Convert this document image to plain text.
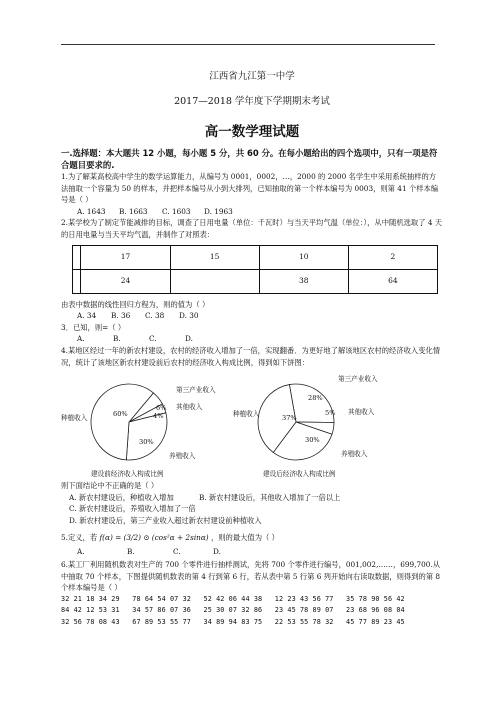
江西省九江第一中学

2017—2018 学年度下学期期末考试

高一数学理试题

一.选择题：本大题共 12 小题，每小题 5 分，共 60 分。在每小题给出的四个选项中，只有一项是符合题目要求的.

1.为了解某高校高中学生的数学运算能力，从编号为 0001，0002，…，2000 的 2000 名学生中采用系统抽样的方法抽取一个容量为 50 的样本，并把样本编号从小到大排列，已知抽取的第一个样本编号为 0003，则第 41 个样本编号是（ ）

A. 1643	B. 1663	C. 1603	D. 1963

2.某学校为了制定节能减排的目标，调查了日用电量（单位：千瓦时）与当天平均气温（单位：），从中随机选取了 4 天的日用电量与当天平均气温，并制作了对照表：

	17	15	10	2
	24		38	64

由表中数据的线性回归方程为，则的值为（ ）

A. 34	B. 36	C. 38	D. 30

3．已知，则=（ ）

A.	B.	C.	D.

4.某地区经过一年的新农村建设，农村的经济收入增加了一倍，实现翻番．为更好地了解该地区农村的经济收入变化情况，统计了该地区新农村建设前后农村的经济收入构成比例，得到如下饼图：

种植收入
第三产业收入
其他收入
养殖收入
60%
6%
4%
30%
建设前经济收入构成比例
种植收入
第三产业收入
其他收入
养殖收入
37%
28%
5%
30%
建设后经济收入构成比例

则下面结论中不正确的是（ ）

A. 新农村建设后，种植收入增加	B. 新农村建设后，其他收入增加了一倍以上

C. 新农村建设后，养殖收入增加了一倍

D. 新农村建设后，第三产业收入超过新农村建设前种植收入

5.定义，若 f(α) = (3/2) ⊙ (cos²α + 2sinα) ，则的最大值为（ ）

A.	B.	C.	D.

6.某工厂利用随机数表对生产的 700 个零件进行抽样测试，先将 700 个零件进行编号，001,002,……，699,700.从中抽取 70 个样本，下图提供随机数表的第 4 行到第 6 行，若从表中第 5 行第 6 列开始向右读取数据，则得到的第 8 个样本编号是（ ）

32 21 18 34 29   78 64 54 07 32   52 42 06 44 38   12 23 43 56 77   35 78 90 56 42

84 42 12 53 31   34 57 86 07 36   25 30 07 32 86   23 45 78 89 07   23 68 96 08 04

32 56 78 08 43   67 89 53 55 77   34 89 94 83 75   22 53 55 78 32   45 77 89 23 45
